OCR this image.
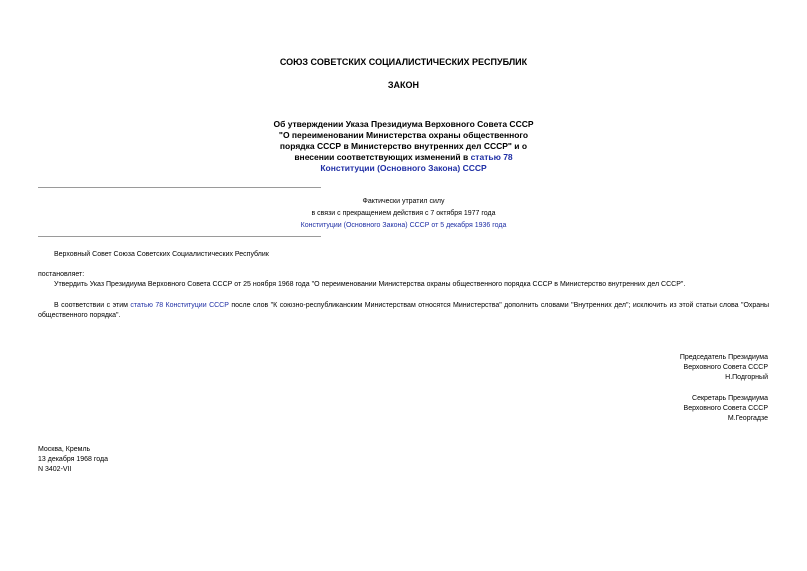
СОЮЗ СОВЕТСКИХ СОЦИАЛИСТИЧЕСКИХ РЕСПУБЛИК
ЗАКОН
Об утверждении Указа Президиума Верховного Совета СССР
"О переименовании Министерства охраны общественного
порядка СССР в Министерство внутренних дел СССР" и о
внесении соответствующих изменений в статью 78
Конституции (Основного Закона) СССР
Фактически утратил силу
в связи с прекращением действия с 7 октября 1977 года
Конституции (Основного Закона) СССР от 5 декабря 1936 года
Верховный Совет Союза Советских Социалистических Республик
постановляет:
Утвердить Указ Президиума Верховного Совета СССР от 25 ноября 1968 года "О переименовании Министерства охраны общественного порядка СССР в Министерство внутренних дел СССР".
В соответствии с этим статью 78 Конституции СССР после слов "К союзно-республиканским Министерствам относятся Министерства" дополнить словами "Внутренних дел"; исключить из этой статьи слова "Охраны общественного порядка".
Председатель Президиума
Верховного Совета СССР
Н.Подгорный
Секретарь Президиума
Верховного Совета СССР
М.Георгадзе
Москва, Кремль
13 декабря 1968 года
N 3402-VII
